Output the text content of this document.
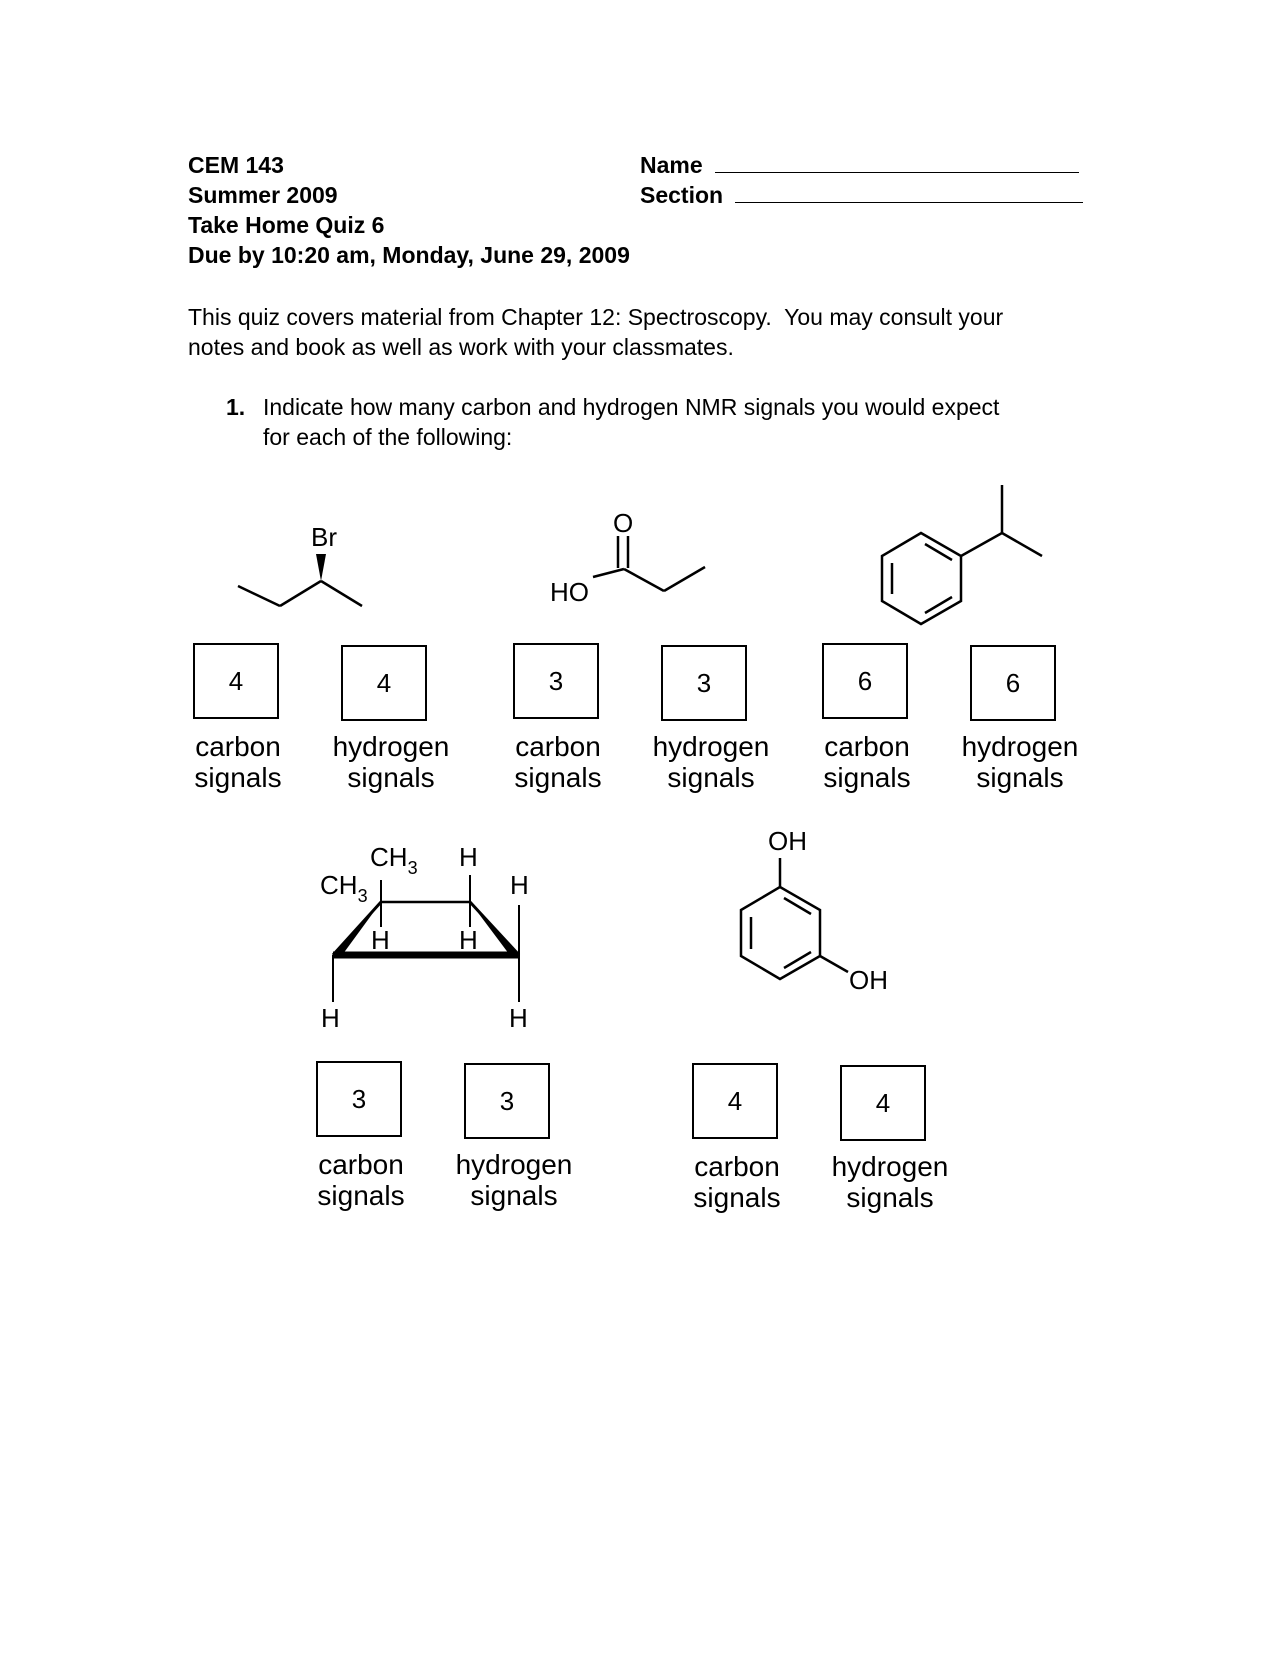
CEM 143
Summer 2009
Take Home Quiz 6
Due by 10:20 am, Monday, June 29, 2009
Name
Section
This quiz covers material from Chapter 12: Spectroscopy.  You may consult your
notes and book as well as work with your classmates.
1. Indicate how many carbon and hydrogen NMR signals you would expect
for each of the following:
Br	O
HO
$CH_3$
$CH_3$
H
H
H	H
H	H
OH
OH
4	4	3	3	6	6
3	3	4	4
carbon
signals
hydrogen
signals
carbon
signals
hydrogen
signals
carbon
signals
hydrogen
signals
carbon
signals
hydrogen
signals
carbon
signals
hydrogen
signals
